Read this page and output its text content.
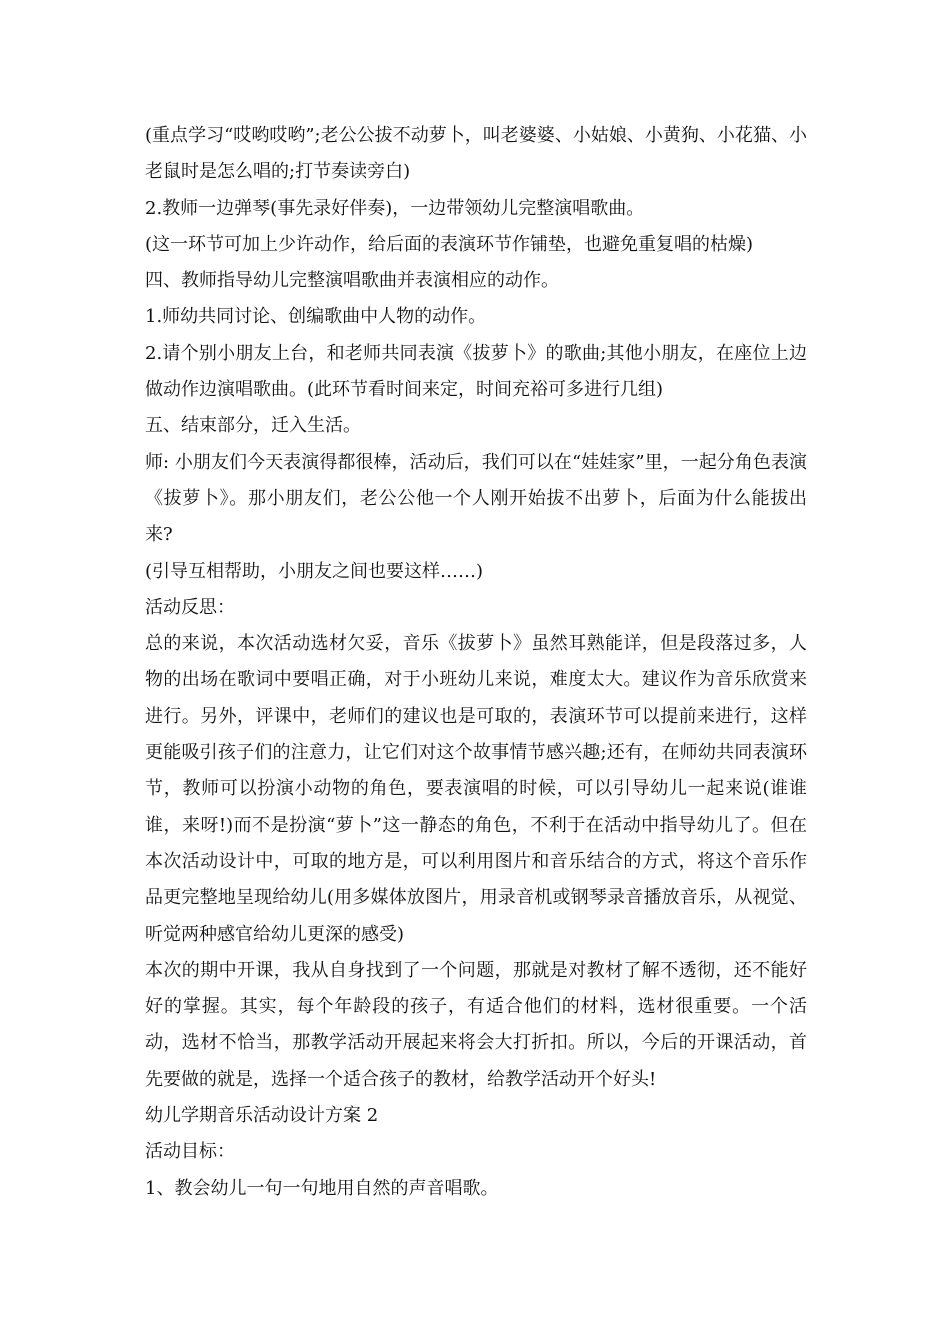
(重点学习“哎哟哎哟”;老公公拔不动萝卜，叫老婆婆、小姑娘、小黄狗、小花猫、小老鼠时是怎么唱的;打节奏读旁白)

2.教师一边弹琴(事先录好伴奏)，一边带领幼儿完整演唱歌曲。

(这一环节可加上少许动作，给后面的表演环节作铺垫，也避免重复唱的枯燥)

四、教师指导幼儿完整演唱歌曲并表演相应的动作。

1.师幼共同讨论、创编歌曲中人物的动作。

2.请个别小朋友上台，和老师共同表演《拔萝卜》的歌曲;其他小朋友，在座位上边做动作边演唱歌曲。(此环节看时间来定，时间充裕可多进行几组)

五、结束部分，迁入生活。

师: 小朋友们今天表演得都很棒，活动后，我们可以在“娃娃家”里，一起分角色表演《拔萝卜》。那小朋友们，老公公他一个人刚开始拔不出萝卜，后面为什么能拔出来?

(引导互相帮助，小朋友之间也要这样……)

活动反思：

总的来说，本次活动选材欠妥，音乐《拔萝卜》虽然耳熟能详，但是段落过多，人物的出场在歌词中要唱正确，对于小班幼儿来说，难度太大。建议作为音乐欣赏来进行。另外，评课中，老师们的建议也是可取的，表演环节可以提前来进行，这样更能吸引孩子们的注意力，让它们对这个故事情节感兴趣;还有，在师幼共同表演环节，教师可以扮演小动物的角色，要表演唱的时候，可以引导幼儿一起来说(谁谁谁，来呀!)而不是扮演“萝卜”这一静态的角色，不利于在活动中指导幼儿了。但在本次活动设计中，可取的地方是，可以利用图片和音乐结合的方式，将这个音乐作品更完整地呈现给幼儿(用多媒体放图片，用录音机或钢琴录音播放音乐，从视觉、听觉两种感官给幼儿更深的感受)

本次的期中开课，我从自身找到了一个问题，那就是对教材了解不透彻，还不能好好的掌握。其实，每个年龄段的孩子，有适合他们的材料，选材很重要。一个活动，选材不恰当，那教学活动开展起来将会大打折扣。所以，今后的开课活动，首先要做的就是，选择一个适合孩子的教材，给教学活动开个好头!

幼儿学期音乐活动设计方案 2

活动目标：

1、教会幼儿一句一句地用自然的声音唱歌。
